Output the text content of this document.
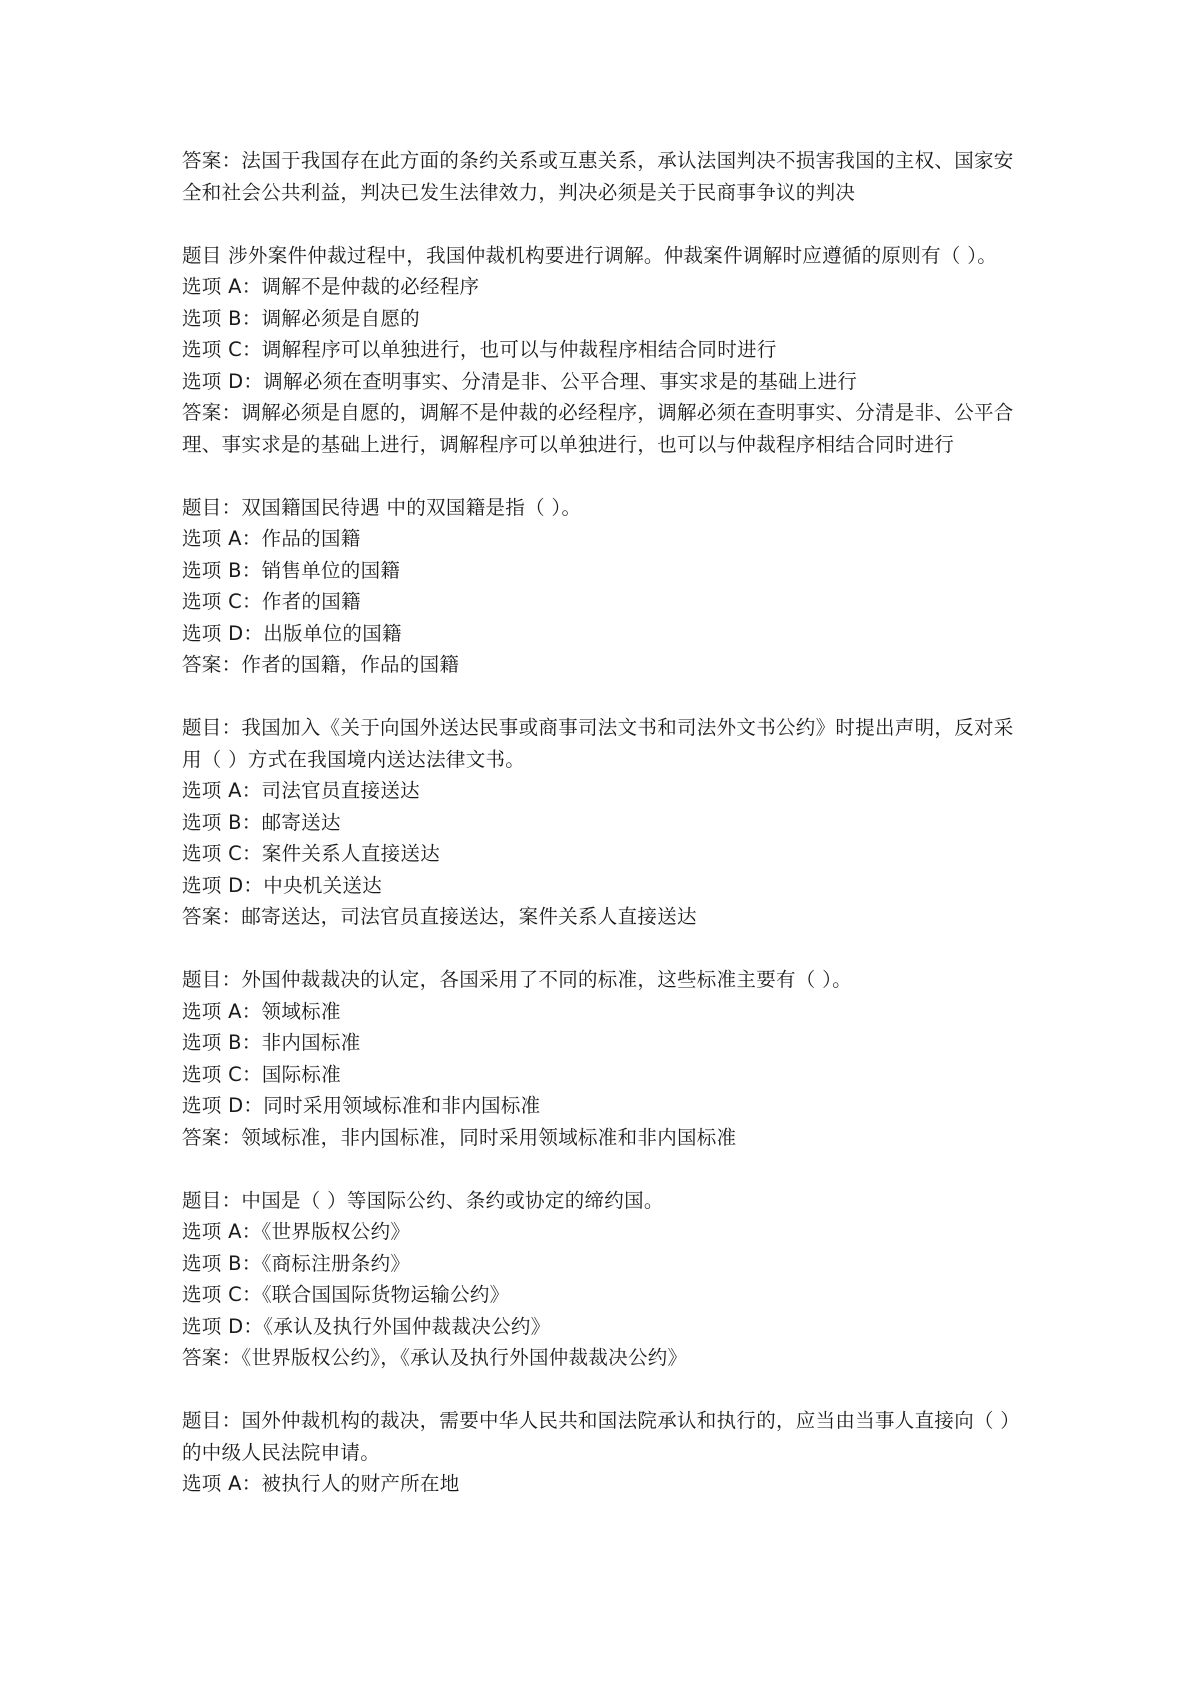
答案：法国于我国存在此方面的条约关系或互惠关系，承认法国判决不损害我国的主权、国家安全和社会公共利益，判决已发生法律效力，判决必须是关于民商事争议的判决

题目 涉外案件仲裁过程中，我国仲裁机构要进行调解。仲裁案件调解时应遵循的原则有（ ）。

选项 A：调解不是仲裁的必经程序

选项 B：调解必须是自愿的

选项 C：调解程序可以单独进行，也可以与仲裁程序相结合同时进行

选项 D：调解必须在查明事实、分清是非、公平合理、事实求是的基础上进行

答案：调解必须是自愿的，调解不是仲裁的必经程序，调解必须在查明事实、分清是非、公平合理、事实求是的基础上进行，调解程序可以单独进行，也可以与仲裁程序相结合同时进行

题目：双国籍国民待遇 中的双国籍是指（ ）。

选项 A：作品的国籍

选项 B：销售单位的国籍

选项 C：作者的国籍

选项 D：出版单位的国籍

答案：作者的国籍，作品的国籍

题目：我国加入《关于向国外送达民事或商事司法文书和司法外文书公约》时提出声明，反对采用（ ）方式在我国境内送达法律文书。

选项 A：司法官员直接送达

选项 B：邮寄送达

选项 C：案件关系人直接送达

选项 D：中央机关送达

答案：邮寄送达，司法官员直接送达，案件关系人直接送达

题目：外国仲裁裁决的认定，各国采用了不同的标准，这些标准主要有（ ）。

选项 A：领域标准

选项 B：非内国标准

选项 C：国际标准

选项 D：同时采用领域标准和非内国标准

答案：领域标准，非内国标准，同时采用领域标准和非内国标准

题目：中国是（ ）等国际公约、条约或协定的缔约国。

选项 A：《世界版权公约》

选项 B：《商标注册条约》

选项 C：《联合国国际货物运输公约》

选项 D：《承认及执行外国仲裁裁决公约》

答案：《世界版权公约》，《承认及执行外国仲裁裁决公约》

题目：国外仲裁机构的裁决，需要中华人民共和国法院承认和执行的，应当由当事人直接向（ ）的中级人民法院申请。

选项 A：被执行人的财产所在地
